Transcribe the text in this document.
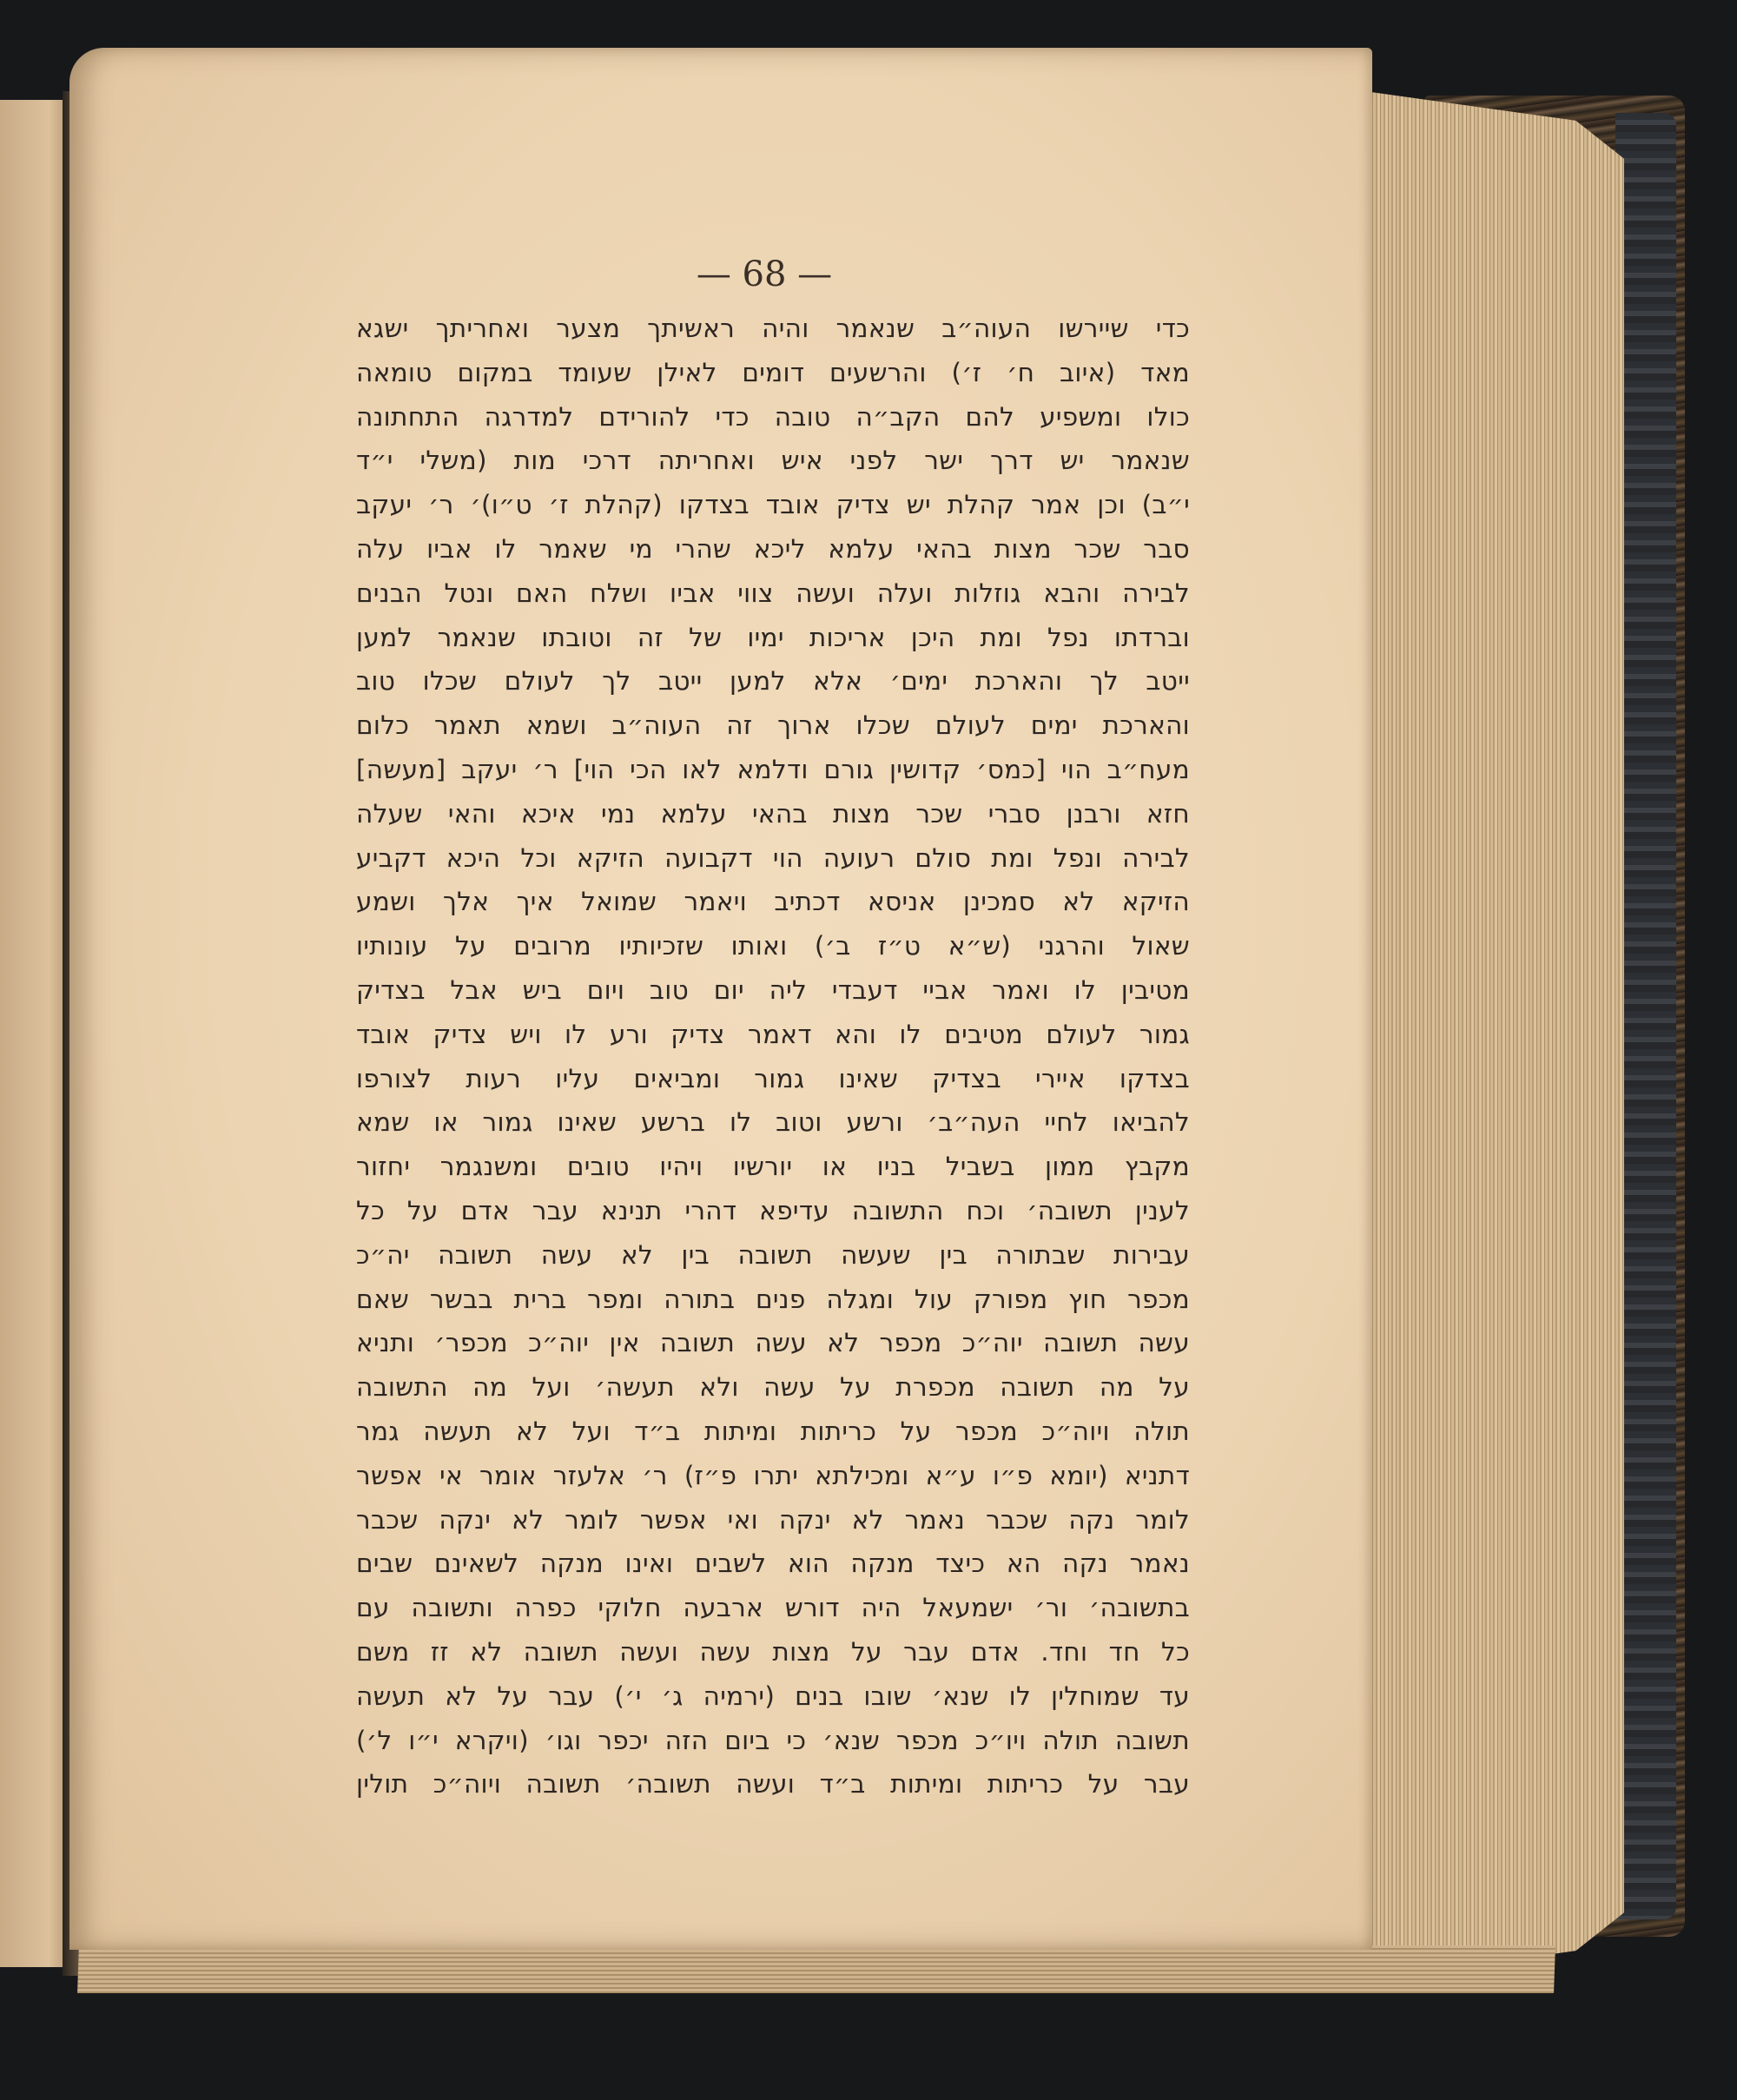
— 68 —
כדי שיירשו העוה״ב שנאמר והיה ראשיתך מצער ואחריתך ישגא
מאד (איוב ח׳ ז׳) והרשעים דומים לאילן שעומד במקום טומאה
כולו ומשפיע להם הקב״ה טובה כדי להורידם למדרגה התחתונה
שנאמר יש דרך ישר לפני איש ואחריתה דרכי מות (משלי י״ד
י״ב) וכן אמר קהלת יש צדיק אובד בצדקו (קהלת ז׳ ט״ו)׳ ר׳ יעקב
סבר שכר מצות בהאי עלמא ליכא שהרי מי שאמר לו אביו עלה
לבירה והבא גוזלות ועלה ועשה צווי אביו ושלח האם ונטל הבנים
וברדתו נפל ומת היכן אריכות ימיו של זה וטובתו שנאמר למען
ייטב לך והארכת ימים׳ אלא למען ייטב לך לעולם שכלו טוב
והארכת ימים לעולם שכלו ארוך זה העוה״ב ושמא תאמר כלום
מעח״ב הוי [כמס׳ קדושין גורם ודלמא לאו הכי הוי] ר׳ יעקב [מעשה]
חזא ורבנן סברי שכר מצות בהאי עלמא נמי איכא והאי שעלה
לבירה ונפל ומת סולם רעועה הוי דקבועה הזיקא וכל היכא דקביע
הזיקא לא סמכינן אניסא דכתיב ויאמר שמואל איך אלך ושמע
שאול והרגני (ש״א ט״ז ב׳) ואותו שזכיותיו מרובים על עונותיו
מטיבין לו ואמר אביי דעבדי ליה יום טוב ויום ביש אבל בצדיק
גמור לעולם מטיבים לו והא דאמר צדיק ורע לו ויש צדיק אובד
בצדקו איירי בצדיק שאינו גמור ומביאים עליו רעות לצורפו
להביאו לחיי העה״ב׳ ורשע וטוב לו ברשע שאינו גמור או שמא
מקבץ ממון בשביל בניו או יורשיו ויהיו טובים ומשנגמר יחזור
לענין תשובה׳ וכח התשובה עדיפא דהרי תנינא עבר אדם על כל
עבירות שבתורה בין שעשה תשובה בין לא עשה תשובה יה״כ
מכפר חוץ מפורק עול ומגלה פנים בתורה ומפר ברית בבשר שאם
עשה תשובה יוה״כ מכפר לא עשה תשובה אין יוה״כ מכפר׳ ותניא
על מה תשובה מכפרת על עשה ולא תעשה׳ ועל מה התשובה
תולה ויוה״כ מכפר על כריתות ומיתות ב״ד ועל לא תעשה גמר
דתניא (יומא פ״ו ע״א ומכילתא יתרו פ״ז) ר׳ אלעזר אומר אי אפשר
לומר נקה שכבר נאמר לא ינקה ואי אפשר לומר לא ינקה שכבר
נאמר נקה הא כיצד מנקה הוא לשבים ואינו מנקה לשאינם שבים
בתשובה׳ ור׳ ישמעאל היה דורש ארבעה חלוקי כפרה ותשובה עם
כל חד וחד. אדם עבר על מצות עשה ועשה תשובה לא זז משם
עד שמוחלין לו שנא׳ שובו בנים (ירמיה ג׳ י׳) עבר על לא תעשה
תשובה תולה ויו״כ מכפר שנא׳ כי ביום הזה יכפר וגו׳ (ויקרא י״ו ל׳)
עבר על כריתות ומיתות ב״ד ועשה תשובה׳ תשובה ויוה״כ תולין
